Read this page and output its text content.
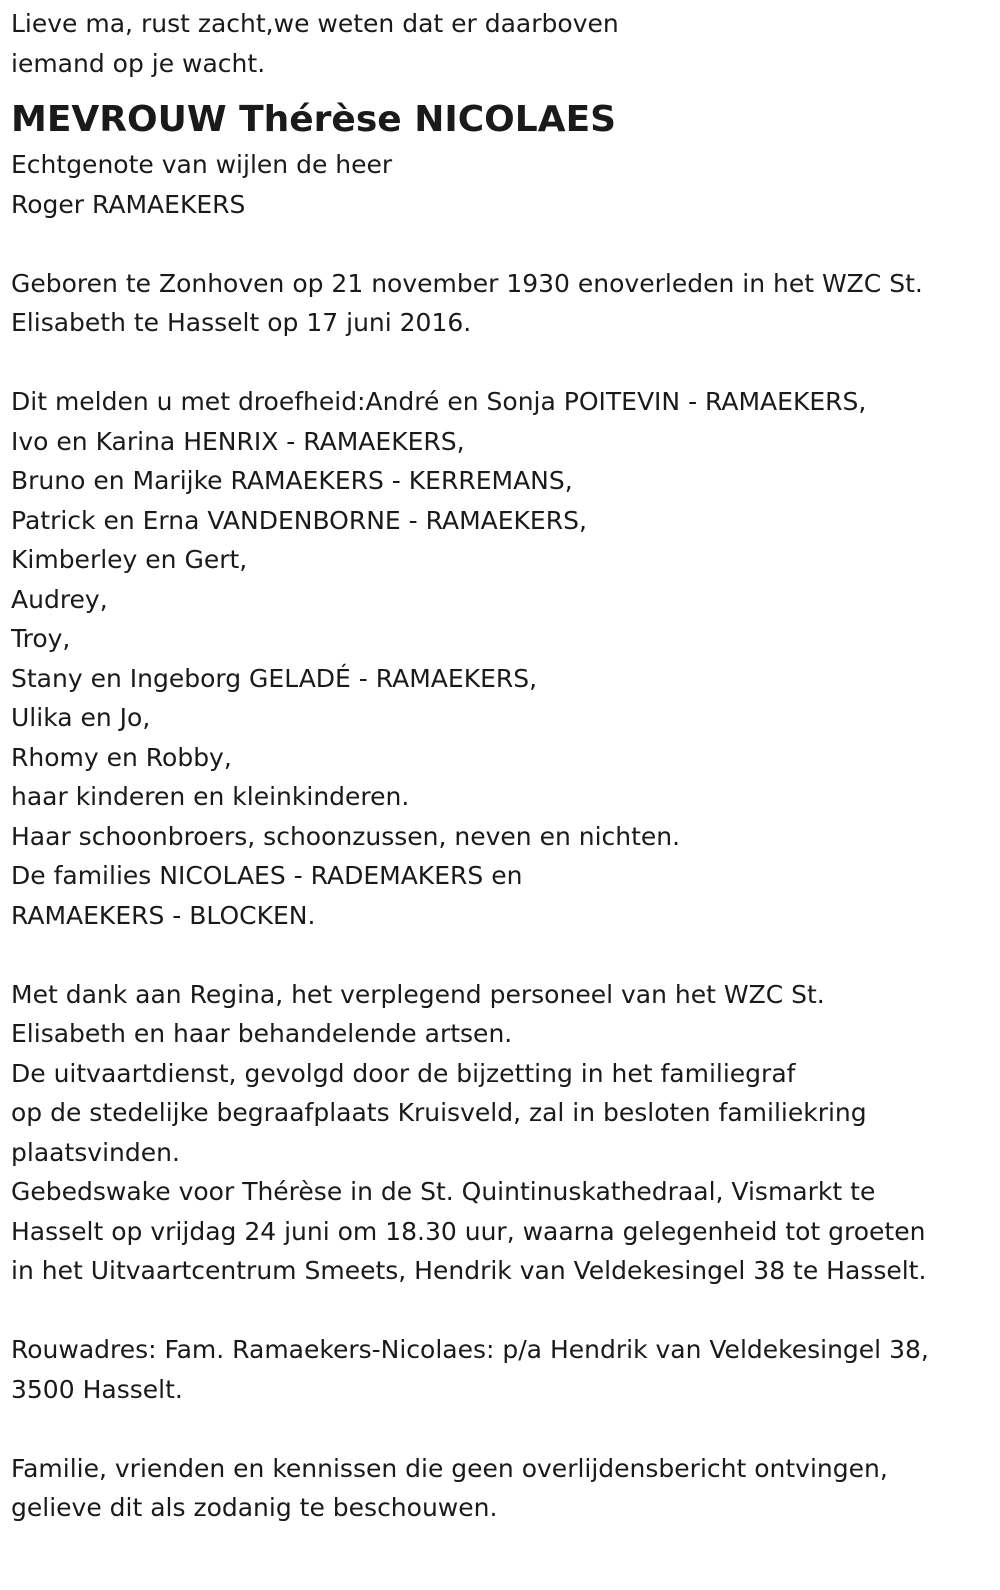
Lieve ma, rust zacht,we weten dat er daarboven
iemand op je wacht.
MEVROUW Thérèse NICOLAES
Echtgenote van wijlen de heer
Roger RAMAEKERS
Geboren te Zonhoven op 21 november 1930 enoverleden in het WZC St.
Elisabeth te Hasselt op 17 juni 2016.
Dit melden u met droefheid:André en Sonja POITEVIN - RAMAEKERS,
Ivo en Karina HENRIX - RAMAEKERS,
Bruno en Marijke RAMAEKERS - KERREMANS,
Patrick en Erna VANDENBORNE - RAMAEKERS,
Kimberley en Gert,
Audrey,
Troy,
Stany en Ingeborg GELADÉ - RAMAEKERS,
Ulika en Jo,
Rhomy en Robby,
haar kinderen en kleinkinderen.
Haar schoonbroers, schoonzussen, neven en nichten.
De families NICOLAES - RADEMAKERS en
RAMAEKERS - BLOCKEN.
Met dank aan Regina, het verplegend personeel van het WZC St.
Elisabeth en haar behandelende artsen.
De uitvaartdienst, gevolgd door de bijzetting in het familiegraf
op de stedelijke begraafplaats Kruisveld, zal in besloten familiekring
plaatsvinden.
Gebedswake voor Thérèse in de St. Quintinuskathedraal, Vismarkt te
Hasselt op vrijdag 24 juni om 18.30 uur, waarna gelegenheid tot groeten
in het Uitvaartcentrum Smeets, Hendrik van Veldekesingel 38 te Hasselt.
Rouwadres: Fam. Ramaekers-Nicolaes: p/a Hendrik van Veldekesingel 38,
3500 Hasselt.
Familie, vrienden en kennissen die geen overlijdensbericht ontvingen,
gelieve dit als zodanig te beschouwen.
